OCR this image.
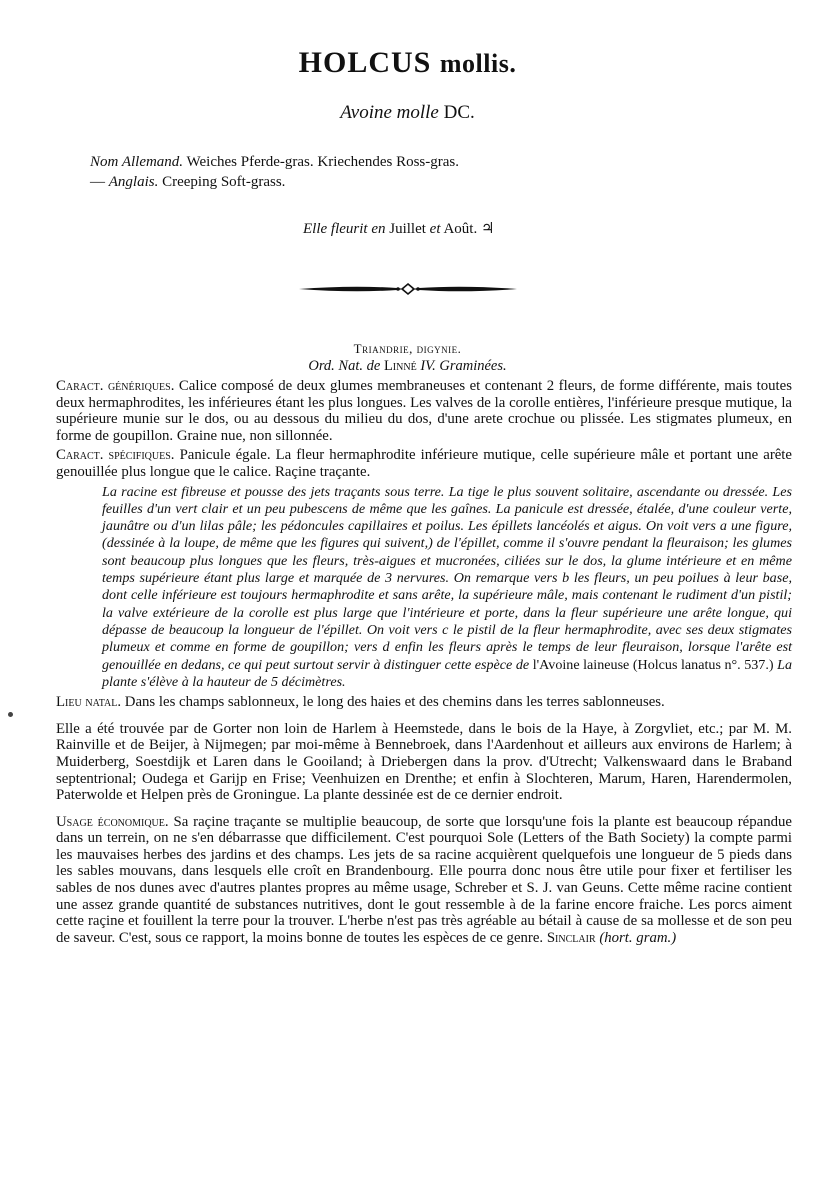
HOLCUS mollis.
Avoine molle DC.
Nom Allemand. Weiches Pferde-gras. Kriechendes Ross-gras.
— Anglais. Creeping Soft-grass.
Elle fleurit en Juillet et Août. ♃
Triandrie, digynie.
Ord. Nat. de Linné IV. Graminées.

Caract. génériques. Calice composé de deux glumes membraneuses et contenant 2 fleurs, de forme différente, mais toutes deux hermaphrodites, les inférieures étant les plus longues. Les valves de la corolle entières, l'inférieure presque mutique, la supérieure munie sur le dos, ou au dessous du milieu du dos, d'une arete crochue ou plissée. Les stigmates plumeux, en forme de goupillon. Graine nue, non sillonnée.

Caract. spécifiques. Panicule égale. La fleur hermaphrodite inférieure mutique, celle supérieure mâle et portant une arête genouillée plus longue que le calice. Raçine traçante.

La racine est fibreuse et pousse des jets traçants sous terre. La tige le plus souvent solitaire, ascendante ou dressée. Les feuilles d'un vert clair et un peu pubescens de même que les gaînes. La panicule est dressée, étalée, d'une couleur verte, jaunâtre ou d'un lilas pâle; les pédoncules capillaires et poilus. Les épillets lancéolés et aigus. On voit vers a une figure, (dessinée à la loupe, de même que les figures qui suivent,) de l'épillet, comme il s'ouvre pendant la fleuraison; les glumes sont beaucoup plus longues que les fleurs, très-aigues et mucronées, ciliées sur le dos, la glume intérieure et en même temps supérieure étant plus large et marquée de 3 nervures. On remarque vers b les fleurs, un peu poilues à leur base, dont celle inférieure est toujours hermaphrodite et sans arête, la supérieure mâle, mais contenant le rudiment d'un pistil; la valve extérieure de la corolle est plus large que l'intérieure et porte, dans la fleur supérieure une arête longue, qui dépasse de beaucoup la longueur de l'épillet. On voit vers c le pistil de la fleur hermaphrodite, avec ses deux stigmates plumeux et comme en forme de goupillon; vers d enfin les fleurs après le temps de leur fleuraison, lorsque l'arête est genouillée en dedans, ce qui peut surtout servir à distinguer cette espèce de l'Avoine laineuse (Holcus lanatus n°. 537.) La plante s'élève à la hauteur de 5 décimètres.

Lieu natal. Dans les champs sablonneux, le long des haies et des chemins dans les terres sablonneuses.

Elle a été trouvée par de Gorter non loin de Harlem à Heemstede, dans le bois de la Haye, à Zorgvliet, etc.; par M. M. Rainville et de Beijer, à Nijmegen; par moi-même à Bennebroek, dans l'Aardenhout et ailleurs aux environs de Harlem; à Muiderberg, Soestdijk et Laren dans le Gooiland; à Driebergen dans la prov. d'Utrecht; Valkenswaard dans le Braband septentrional; Oudega et Garijp en Frise; Veenhuizen en Drenthe; et enfin à Slochteren, Marum, Haren, Harendermolen, Paterwolde et Helpen près de Groningue. La plante dessinée est de ce dernier endroit.

Usage économique. Sa raçine traçante se multiplie beaucoup, de sorte que lorsqu'une fois la plante est beaucoup répandue dans un terrein, on ne s'en débarrasse que difficilement. C'est pourquoi Sole (Letters of the Bath Society) la compte parmi les mauvaises herbes des jardins et des champs. Les jets de sa racine acquièrent quelquefois une longueur de 5 pieds dans les sables mouvans, dans lesquels elle croît en Brandenbourg. Elle pourra donc nous être utile pour fixer et fertiliser les sables de nos dunes avec d'autres plantes propres au même usage, Schreber et S. J. van Geuns. Cette même racine contient une assez grande quantité de substances nutritives, dont le gout ressemble à de la farine encore fraiche. Les porcs aiment cette raçine et fouillent la terre pour la trouver. L'herbe n'est pas très agréable au bétail à cause de sa mollesse et de son peu de saveur. C'est, sous ce rapport, la moins bonne de toutes les espèces de ce genre. Sinclair (hort. gram.)
